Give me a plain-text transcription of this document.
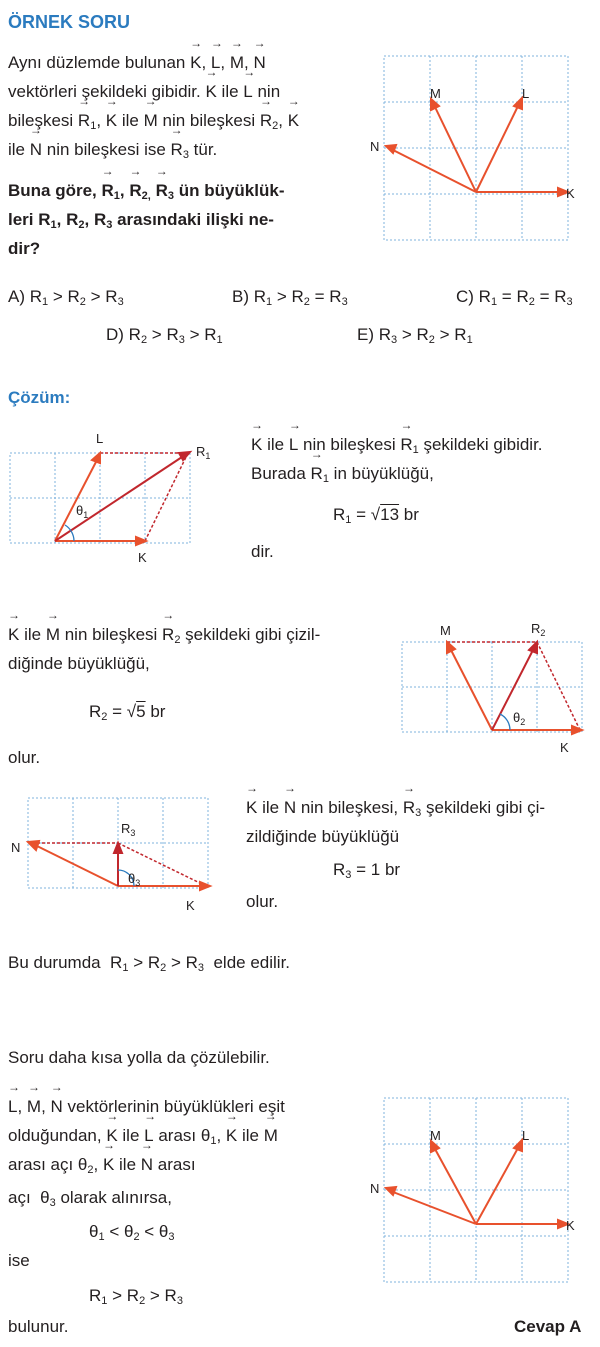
ÖRNEK SORU
Aynı düzlemde bulunan → K, → L, → M, → N
vektörleri şekildeki gibidir. → K ile → L nin
bileşkesi → $R_1$, → K ile → M nin bileşkesi → $R_2$, → K
ile → N nin bileşkesi ise → $R_3$ tür.
Buna göre, → $R_1$, → $R_{2,} \to R_3$ ün büyüklük-
leri $R_1$, $R_2$, $R_3$ arasındaki ilişki ne-
dir?
K
L
M
N
A) $R_1 > R_2 > R_3$	B) $R_1 > R_2 = R_3$	C) $R_1 = R_2 = R_3$
D) $R_2 > R_3 > R_1$	E) $R_3 > R_2 > R_1$
Çözüm:
$\theta_1$
L
K
$R_1$
→ K ile → L nin bileşkesi → $R_1$ şekildeki gibidir.
Burada → $R_1$ in büyüklüğü,
$R_1 = √13$ br
dir.
→ K ile → M nin bileşkesi → $R_2$ şekildeki gibi çizil-
diğinde büyüklüğü,
$R_2 = √5$ br
olur.
$\theta_2$
M	$R_2$
K
$\theta_3$
N
$R_3$
K
→ K ile → N nin bileşkesi, → $R_3$ şekildeki gibi çi-
zildiğinde büyüklüğü
$R_3 = 1$ br
olur.
Bu durumda  $R_1 > R_2 > R_3$  elde edilir.
Soru daha kısa yolla da çözülebilir.
→ L, → M, → N vektörlerinin büyüklükleri eşit
olduğundan, → K ile → L arası $\theta_1$, → K ile → M
arası açı $\theta_2$, → K ile → N arası
açı  $\theta_3$ olarak alınırsa,
$\theta_1 < \theta_2 < \theta_3$
ise
$R_1 > R_2 > R_3$
bulunur.
K
L
M
N
Cevap A
